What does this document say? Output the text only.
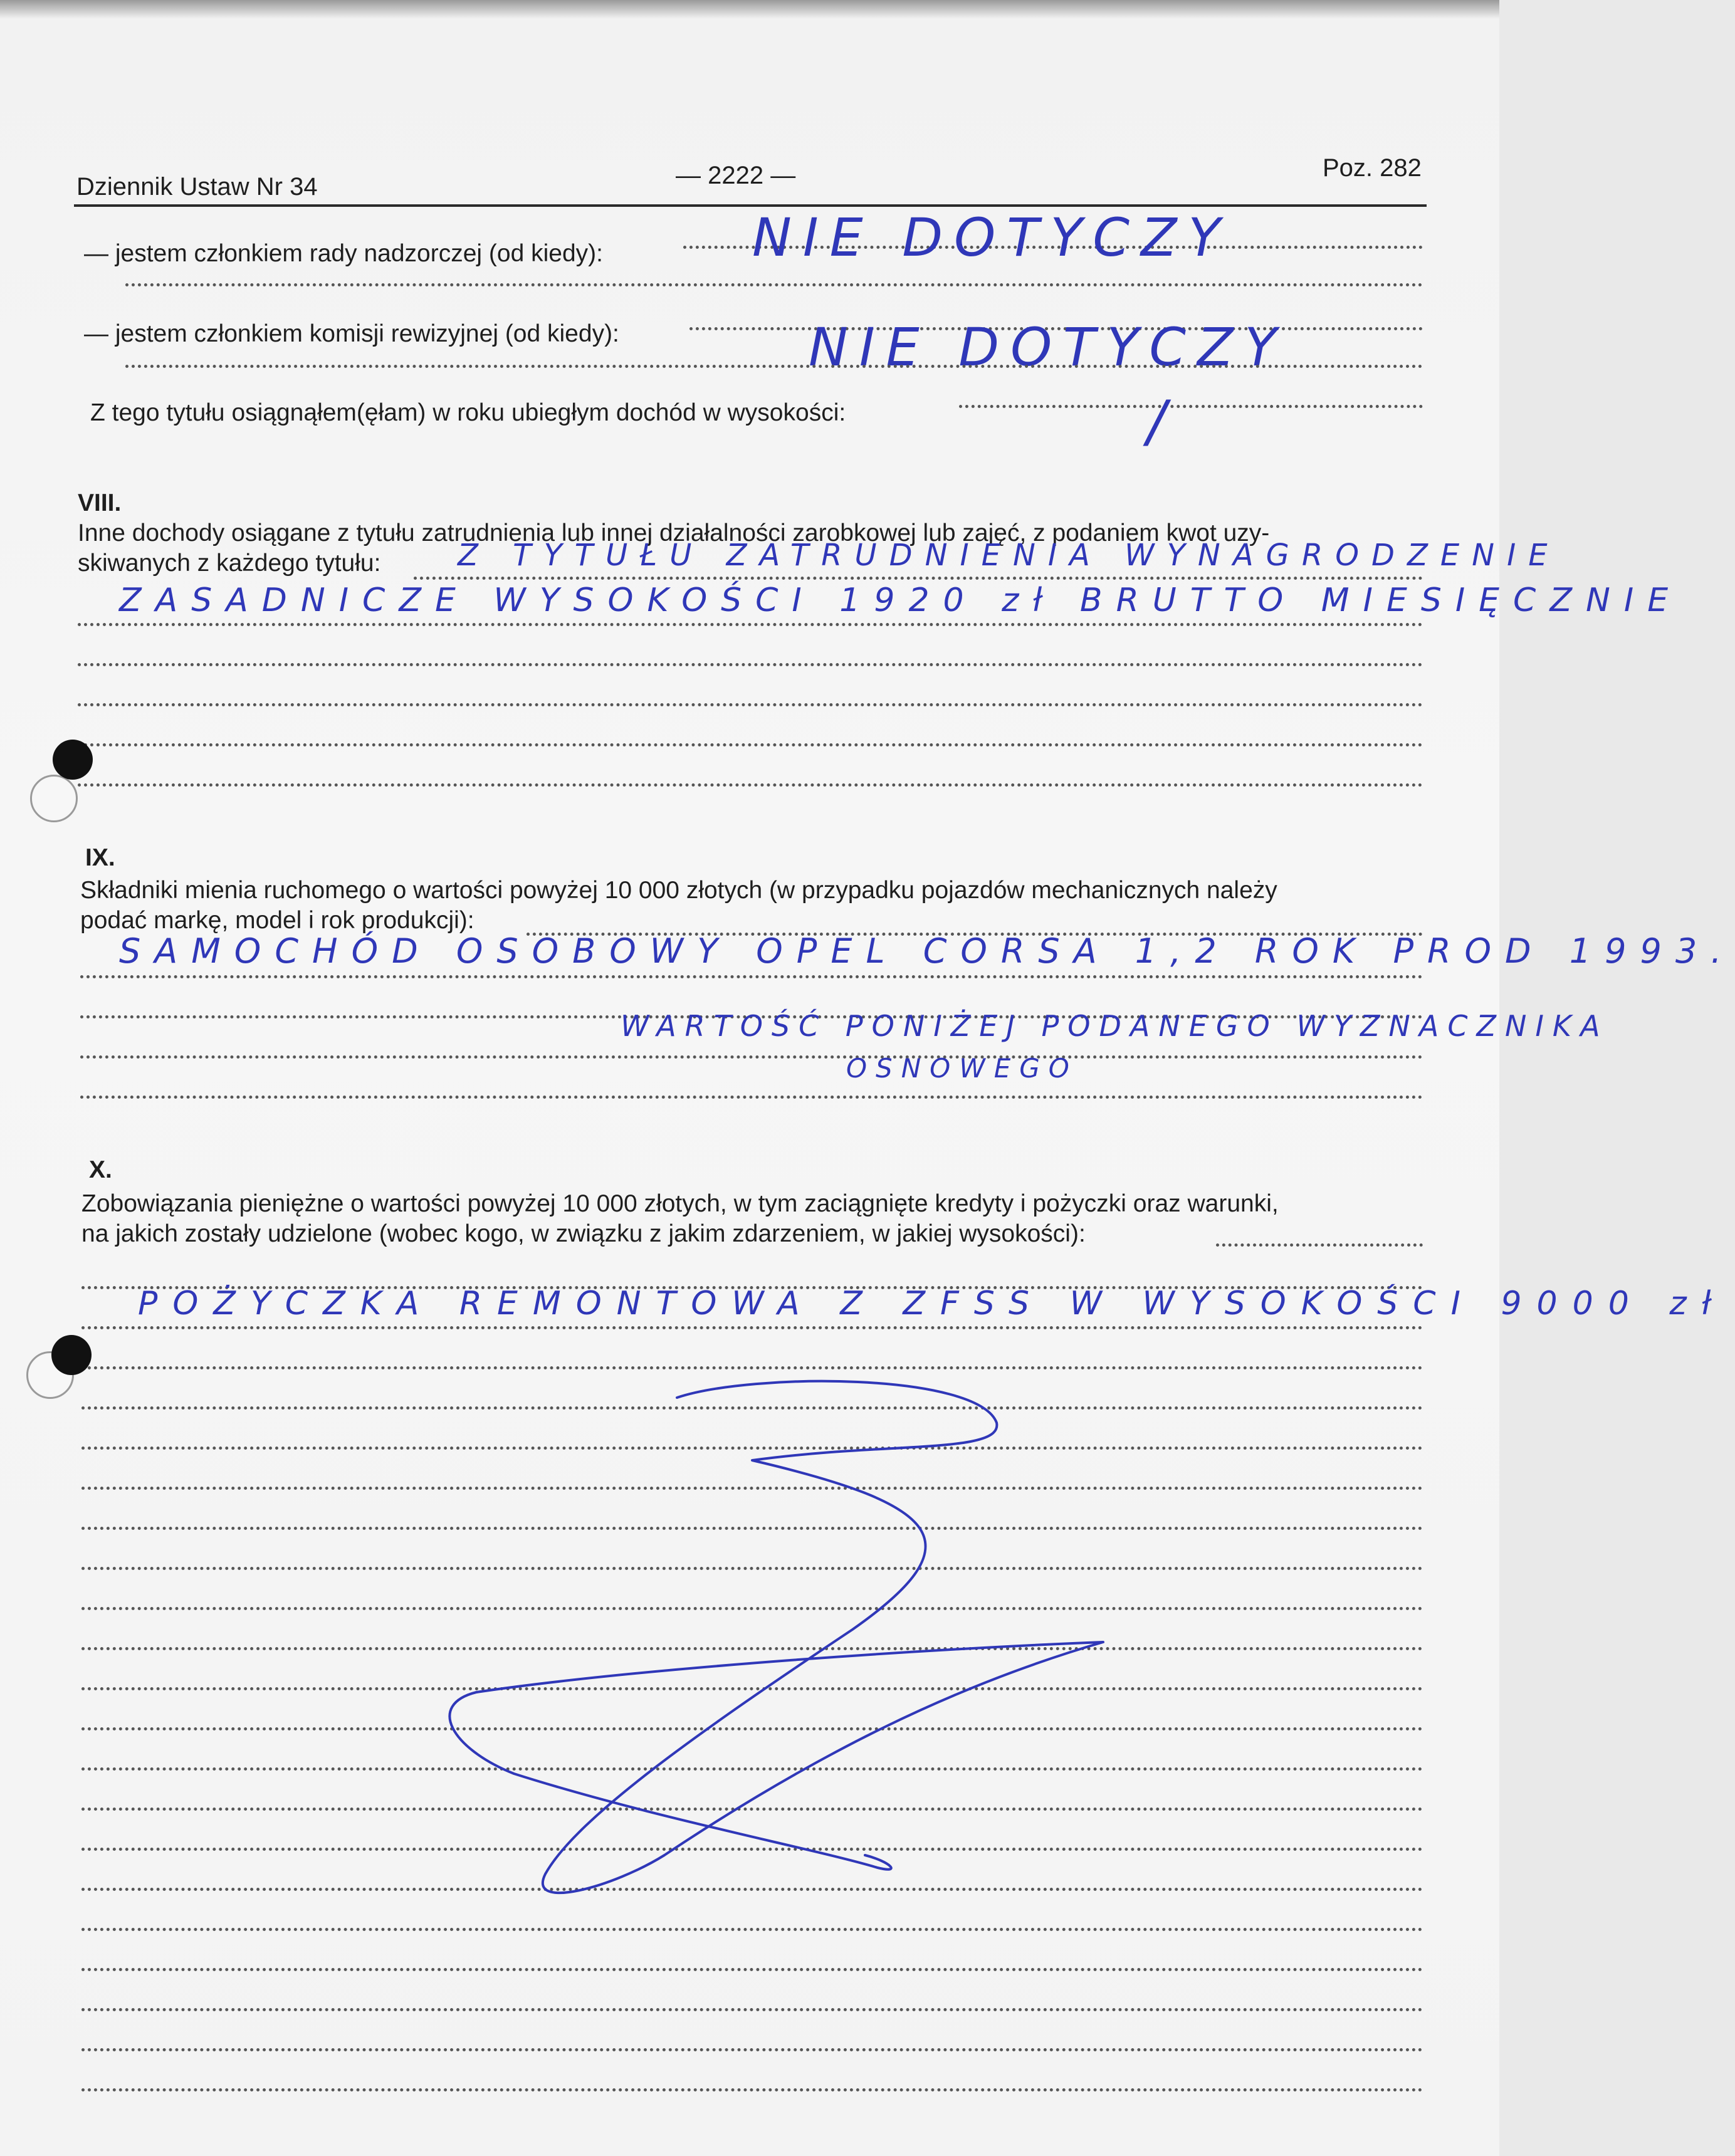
Dziennik Ustaw Nr 34	— 2222 —	Poz. 282
— jestem członkiem rady nadzorczej (od kiedy):	NIE DOTYCZY
— jestem członkiem komisji rewizyjnej (od kiedy):	NIE DOTYCZY
Z tego tytułu osiągnąłem(ęłam) w roku ubiegłym dochód w wysokości:	/
VIII.
Inne dochody osiągane z tytułu zatrudnienia lub innej działalności zarobkowej lub zajęć, z podaniem kwot uzy-
skiwanych z każdego tytułu:	Z TYTUŁU ZATRUDNIENIA WYNAGRODZENIE
ZASADNICZE WYSOKOŚCI 1920 zł BRUTTO MIESIĘCZNIE
IX.
Składniki mienia ruchomego o wartości powyżej 10 000 złotych (w przypadku pojazdów mechanicznych należy
podać markę, model i rok produkcji):
SAMOCHÓD OSOBOWY OPEL CORSA 1,2 ROK PROD 1993.
WARTOŚĆ PONIŻEJ PODANEGO WYZNACZNIKA
OSNOWEGO
X.
Zobowiązania pieniężne o wartości powyżej 10 000 złotych, w tym zaciągnięte kredyty i pożyczki oraz warunki,
na jakich zostały udzielone (wobec kogo, w związku z jakim zdarzeniem, w jakiej wysokości):
POŻYCZKA REMONTOWA Z ZFSS W WYSOKOŚCI 9000 zł
